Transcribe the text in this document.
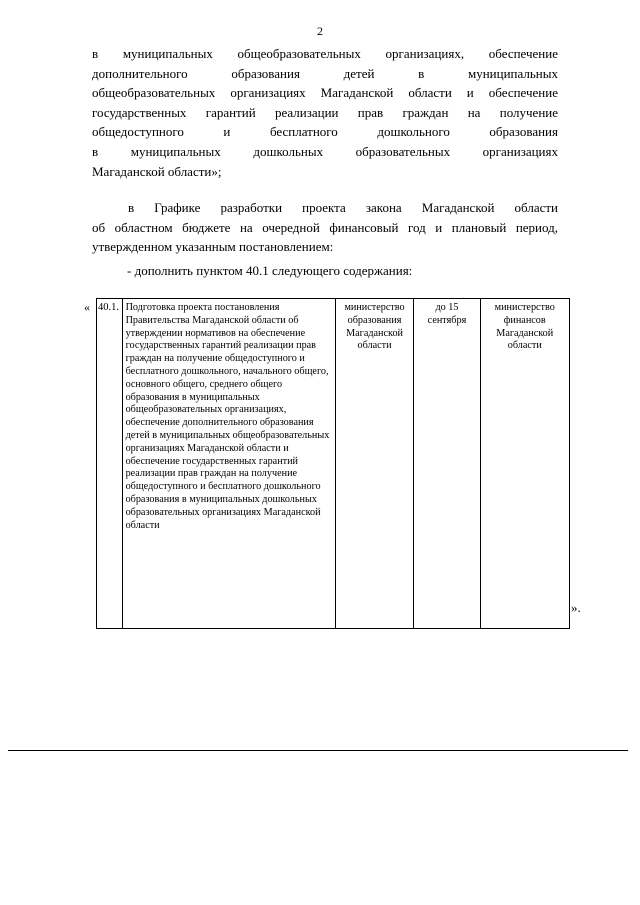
2
в муниципальных общеобразовательных организациях, обеспечение
дополнительного образования детей в муниципальных
общеобразовательных организациях Магаданской области и обеспечение
государственных гарантий реализации прав граждан на получение
общедоступного и бесплатного дошкольного образования
в муниципальных дошкольных образовательных организациях
Магаданской области»;
в Графике разработки проекта закона Магаданской области
об областном бюджете на очередной финансовый год и плановый период,
утвержденном указанным постановлением:
- дополнить пунктом 40.1 следующего содержания:
« 40.1.	Подготовка проекта постановления Правительства Магаданской области об утверждении нормативов на обеспечение государственных гарантий реализации прав граждан на получение общедоступного и бесплатного дошкольного, начального общего, основного общего, среднего общего образования в муниципальных общеобразовательных организациях, обеспечение дополнительного образования детей в муниципальных общеобразовательных организациях Магаданской области и обеспечение государственных гарантий реализации прав граждан на получение общедоступного и бесплатного дошкольного образования в муниципальных дошкольных образовательных организациях Магаданской области	министерство образования Магаданской области	до 15 сентября	министерство финансов Магаданской области
».
